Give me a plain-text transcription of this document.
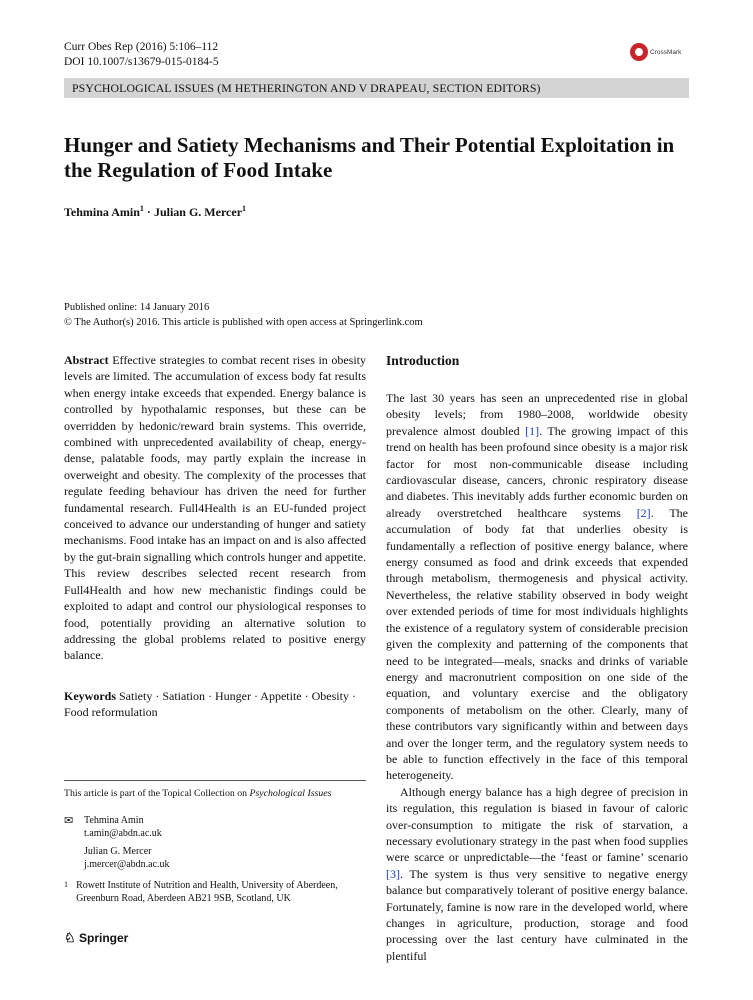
Curr Obes Rep (2016) 5:106–112
DOI 10.1007/s13679-015-0184-5
CrossMark
PSYCHOLOGICAL ISSUES (M HETHERINGTON AND V DRAPEAU, SECTION EDITORS)
Hunger and Satiety Mechanisms and Their Potential Exploitation in the Regulation of Food Intake
Tehmina Amin$^1$ · Julian G. Mercer$^1$
Published online: 14 January 2016
© The Author(s) 2016. This article is published with open access at Springerlink.com

Abstract Effective strategies to combat recent rises in obesity levels are limited. The accumulation of excess body fat results when energy intake exceeds that expended. Energy balance is controlled by hypothalamic responses, but these can be overridden by hedonic/reward brain systems. This override, combined with unprecedented availability of cheap, energy-dense, palatable foods, may partly explain the increase in overweight and obesity. The complexity of the processes that regulate feeding behaviour has driven the need for further fundamental research. Full4Health is an EU-funded project conceived to advance our understanding of hunger and satiety mechanisms. Food intake has an impact on and is also affected by the gut-brain signalling which controls hunger and appetite. This review describes selected recent research from Full4Health and how new mechanistic findings could be exploited to adapt and control our physiological responses to food, potentially providing an alternative solution to addressing the global problems related to positive energy balance.

Keywords Satiety · Satiation · Hunger · Appetite · Obesity · Food reformulation

This article is part of the Topical Collection on Psychological Issues
✉	Tehmina Amin
t.amin@abdn.ac.uk
Julian G. Mercer
j.mercer@abdn.ac.uk
1 Rowett Institute of Nutrition and Health, University of Aberdeen, Greenburn Road, Aberdeen AB21 9SB, Scotland, UK
♘ Springer
Introduction

The last 30 years has seen an unprecedented rise in global obesity levels; from 1980–2008, worldwide obesity prevalence almost doubled [1]. The growing impact of this trend on health has been profound since obesity is a major risk factor for most non-communicable disease including cardiovascular disease, cancers, chronic respiratory disease and diabetes. This inevitably adds further economic burden on already overstretched healthcare systems [2]. The accumulation of body fat that underlies obesity is fundamentally a reflection of positive energy balance, where energy consumed as food and drink exceeds that expended through metabolism, thermogenesis and physical activity. Nevertheless, the relative stability observed in body weight over extended periods of time for most individuals highlights the existence of a regulatory system of considerable precision given the complexity and patterning of the components that need to be integrated—meals, snacks and drinks of variable energy and macronutrient composition on one side of the equation, and voluntary exercise and the obligatory components of metabolism on the other. Clearly, many of these contributors vary significantly within and between days and over the longer term, and the regulatory system needs to be able to function effectively in the face of this temporal heterogeneity.

Although energy balance has a high degree of precision in its regulation, this regulation is biased in favour of caloric over-consumption to mitigate the risk of starvation, a necessary evolutionary strategy in the past when food supplies were scarce or unpredictable—the ‘feast or famine’ scenario [3]. The system is thus very sensitive to negative energy balance but comparatively tolerant of positive energy balance. Fortunately, famine is now rare in the developed world, where changes in agriculture, production, storage and food processing over the last century have culminated in the plentiful
